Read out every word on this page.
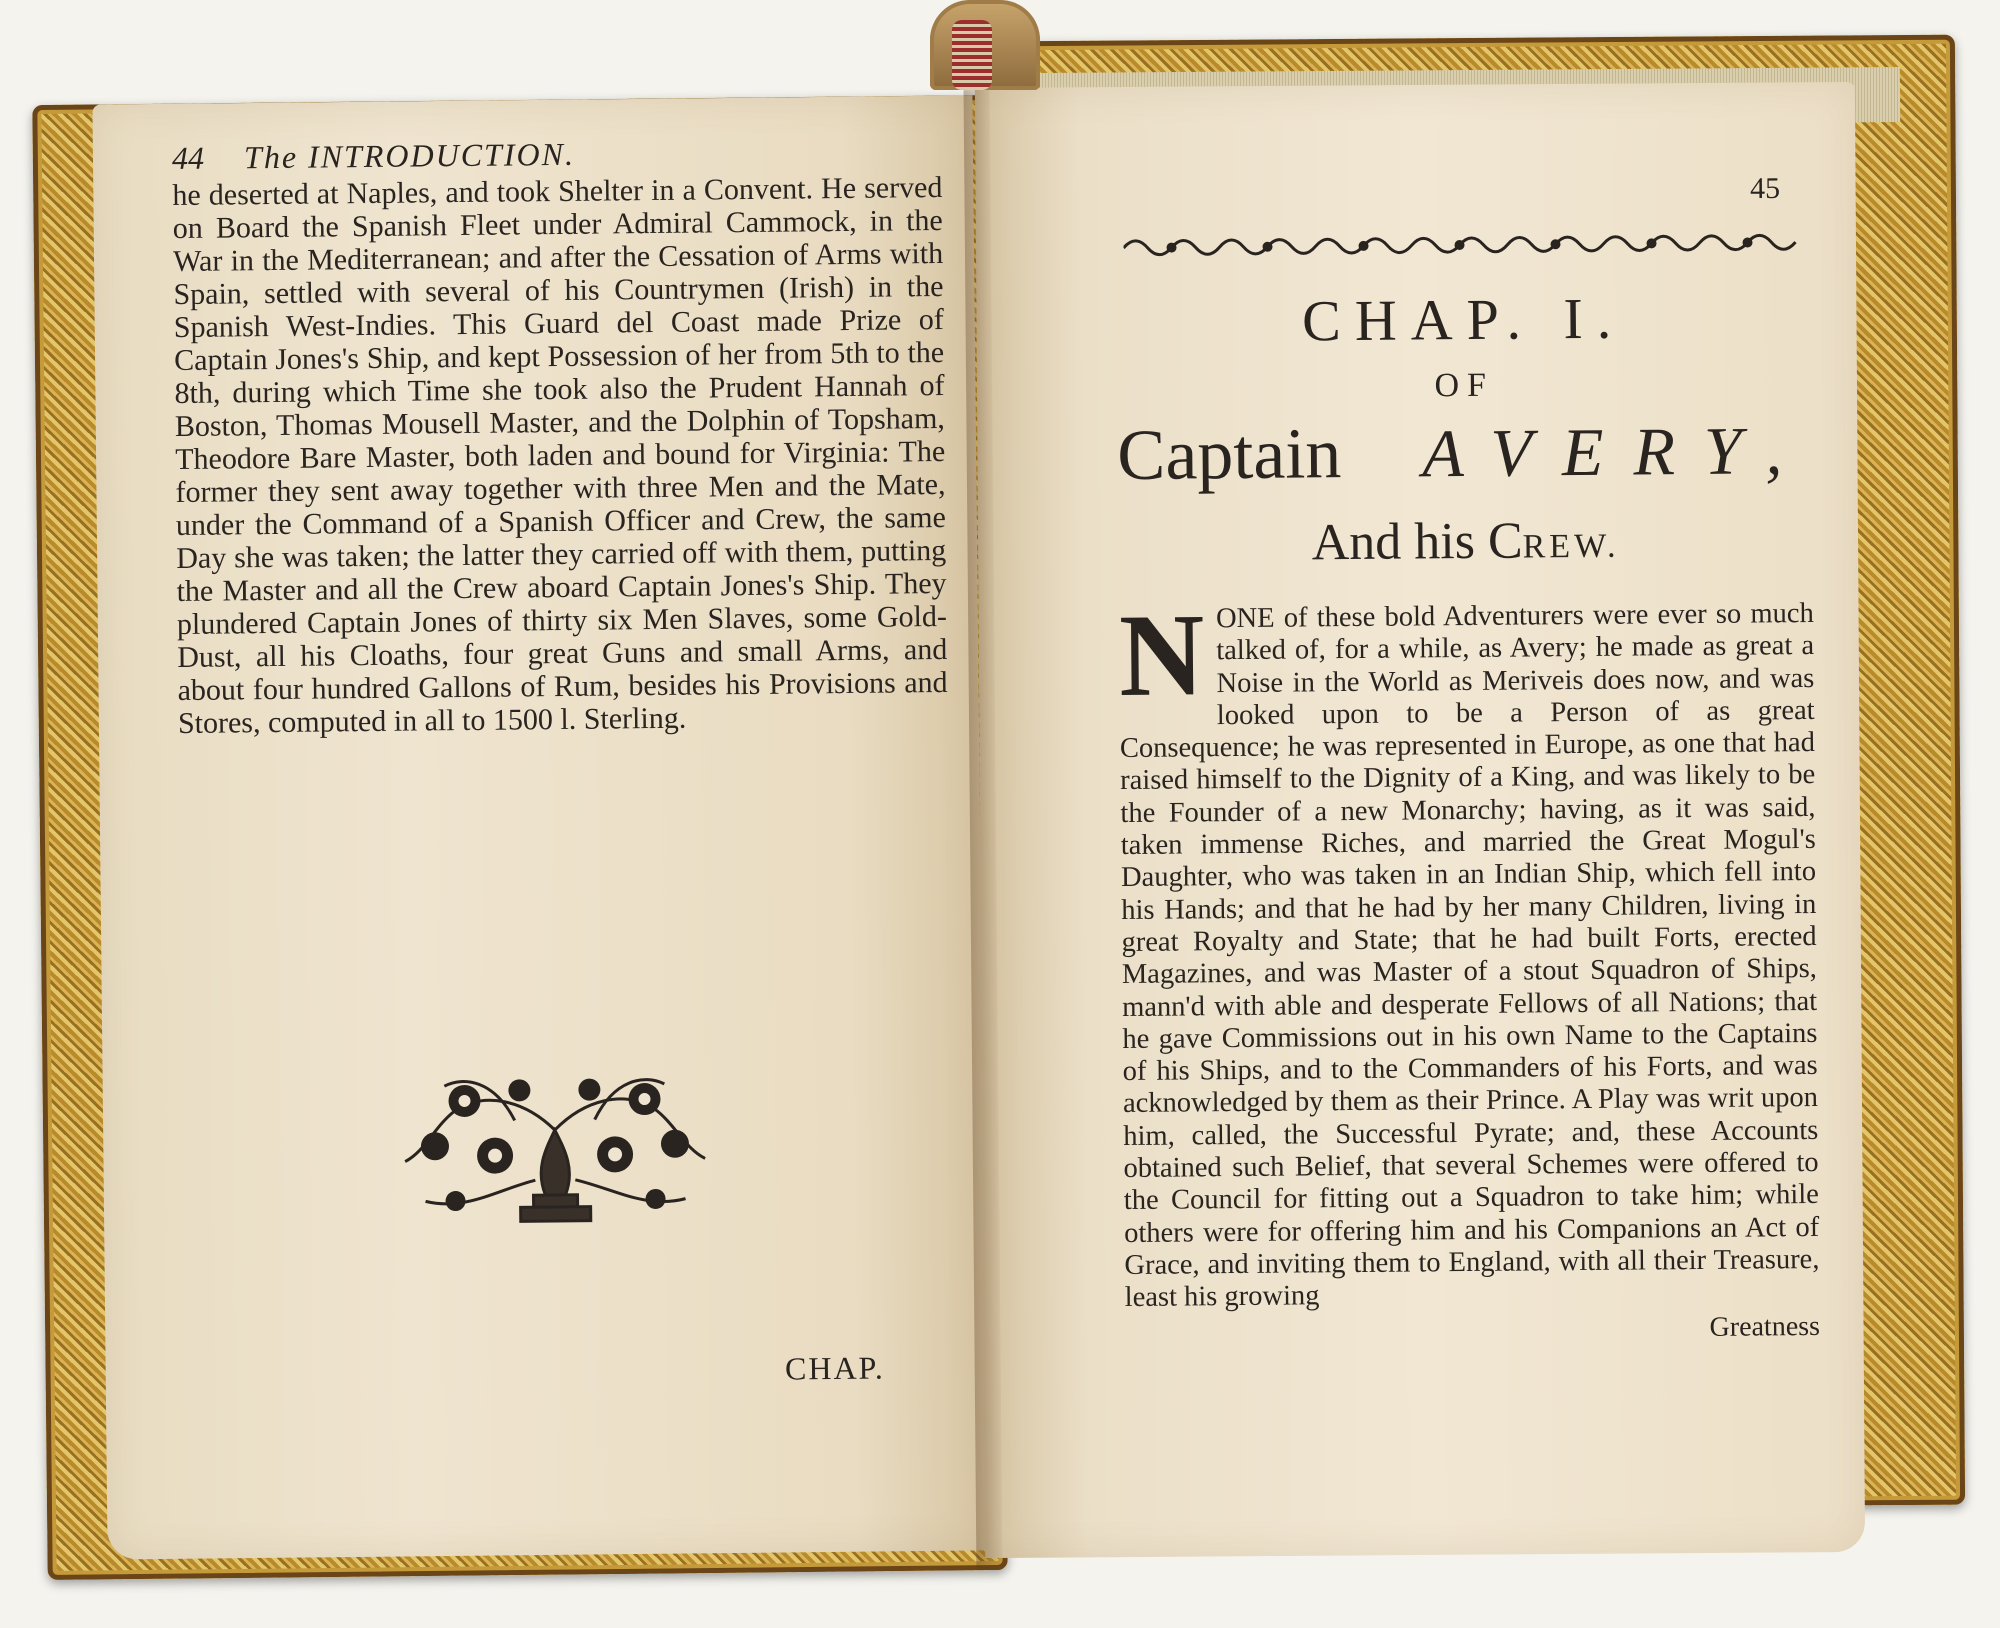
44 The INTRODUCTION.

he deserted at Naples, and took Shelter in a Convent. He served on Board the Spanish Fleet under Admiral Cammock, in the War in the Mediterranean; and after the Cessation of Arms with Spain, settled with several of his Countrymen (Irish) in the Spanish West-Indies. This Guard del Coast made Prize of Captain Jones's Ship, and kept Possession of her from 5th to the 8th, during which Time she took also the Prudent Hannah of Boston, Thomas Mousell Master, and the Dolphin of Topsham, Theodore Bare Master, both laden and bound for Virginia: The former they sent away together with three Men and the Mate, under the Command of a Spanish Officer and Crew, the same Day she was taken; the latter they carried off with them, putting the Master and all the Crew aboard Captain Jones's Ship. They plundered Captain Jones of thirty six Men Slaves, some Gold-Dust, all his Cloaths, four great Guns and small Arms, and about four hundred Gallons of Rum, besides his Provisions and Stores, computed in all to 1500 l. Sterling.

CHAP.
45
CHAP. I.
OF
Captain AVERY,
And his CREW.
NONE of these bold Adventurers were ever so much talked of, for a while, as Avery; he made as great a Noise in the World as Meriveis does now, and was looked upon to be a Person of as great Consequence; he was represented in Europe, as one that had raised himself to the Dignity of a King, and was likely to be the Founder of a new Monarchy; having, as it was said, taken immense Riches, and married the Great Mogul's Daughter, who was taken in an Indian Ship, which fell into his Hands; and that he had by her many Children, living in great Royalty and State; that he had built Forts, erected Magazines, and was Master of a stout Squadron of Ships, mann'd with able and desperate Fellows of all Nations; that he gave Commissions out in his own Name to the Captains of his Ships, and to the Commanders of his Forts, and was acknowledged by them as their Prince. A Play was writ upon him, called, the Successful Pyrate; and, these Accounts obtained such Belief, that several Schemes were offered to the Council for fitting out a Squadron to take him; while others were for offering him and his Companions an Act of Grace, and inviting them to England, with all their Treasure, least his growing
Greatness
